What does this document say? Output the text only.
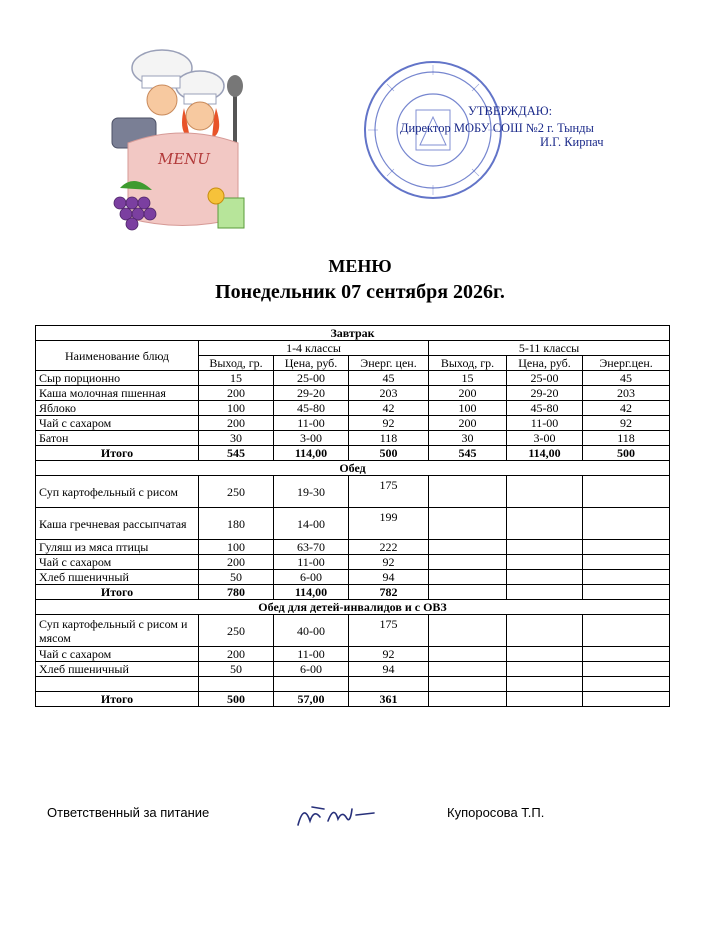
MENU
УТВЕРЖДАЮ:
Директор МОБУ СОШ №2 г. Тынды
И.Г. Кирпач
МЕНЮ
Понедельник 07 сентября 2026г.
Завтрак						
Наименование блюд	1-4 классы			5-11 классы		
	Выход, гр.	Цена, руб.	Энерг. цен.	Выход, гр.	Цена, руб.	Энерг.цен.
Сыр порционно	15	25-00	45	15	25-00	45
Каша молочная пшенная	200	29-20	203	200	29-20	203
Яблоко	100	45-80	42	100	45-80	42
Чай с сахаром	200	11-00	92	200	11-00	92
Батон	30	3-00	118	30	3-00	118
Итого	545	114,00	500	545	114,00	500
Обед						
Суп картофельный с рисом	250	19-30	175			
Каша гречневая рассыпчатая	180	14-00	199			
Гуляш из мяса птицы	100	63-70	222			
Чай с сахаром	200	11-00	92			
Хлеб пшеничный	50	6-00	94			
Итого	780	114,00	782			
Обед для детей-инвалидов и с ОВЗ						
Суп картофельный с рисом и мясом	250	40-00	175			
Чай с сахаром	200	11-00	92			
Хлеб пшеничный	50	6-00	94			

Итого	500	57,00	361			
Ответственный за питание	Купоросова Т.П.
